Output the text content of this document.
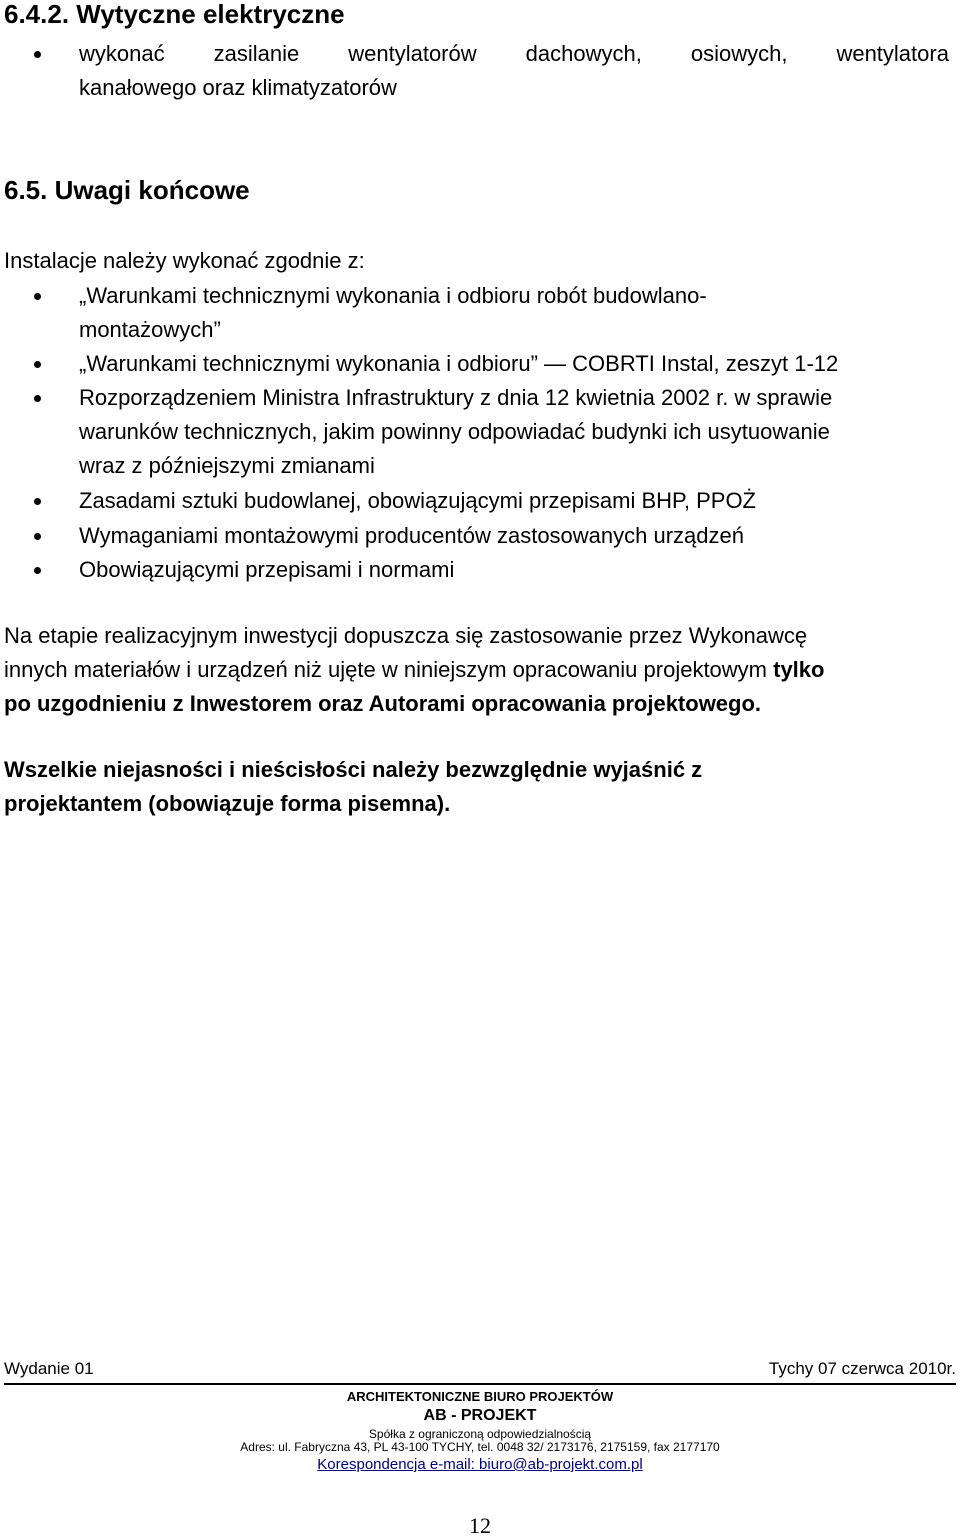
6.4.2. Wytyczne elektryczne
wykonać zasilanie wentylatorów dachowych, osiowych, wentylatora
kanałowego oraz klimatyzatorów
6.5. Uwagi końcowe
Instalacje należy wykonać zgodnie z:
„Warunkami technicznymi wykonania i odbioru robót budowlano-
montażowych”
„Warunkami technicznymi wykonania i odbioru” — COBRTI Instal, zeszyt 1-12
Rozporządzeniem Ministra Infrastruktury z dnia 12 kwietnia 2002 r. w sprawie
warunków technicznych, jakim powinny odpowiadać budynki ich usytuowanie
wraz z późniejszymi zmianami
Zasadami sztuki budowlanej, obowiązującymi przepisami BHP, PPOŻ
Wymaganiami montażowymi producentów zastosowanych urządzeń
Obowiązującymi przepisami i normami
Na etapie realizacyjnym inwestycji dopuszcza się zastosowanie przez Wykonawcę
innych materiałów i urządzeń niż ujęte w niniejszym opracowaniu projektowym tylko
po uzgodnieniu z Inwestorem oraz Autorami opracowania projektowego.
Wszelkie niejasności i nieścisłości należy bezwzględnie wyjaśnić z
projektantem (obowiązuje forma pisemna).
Wydanie 01	Tychy 07 czerwca 2010r.
ARCHITEKTONICZNE BIURO PROJEKTÓW
AB - PROJEKT
Spółka z ograniczoną odpowiedzialnością
Adres: ul. Fabryczna 43, PL 43-100 TYCHY, tel. 0048 32/ 2173176, 2175159, fax 2177170
Korespondencja e-mail: biuro@ab-projekt.com.pl
12
